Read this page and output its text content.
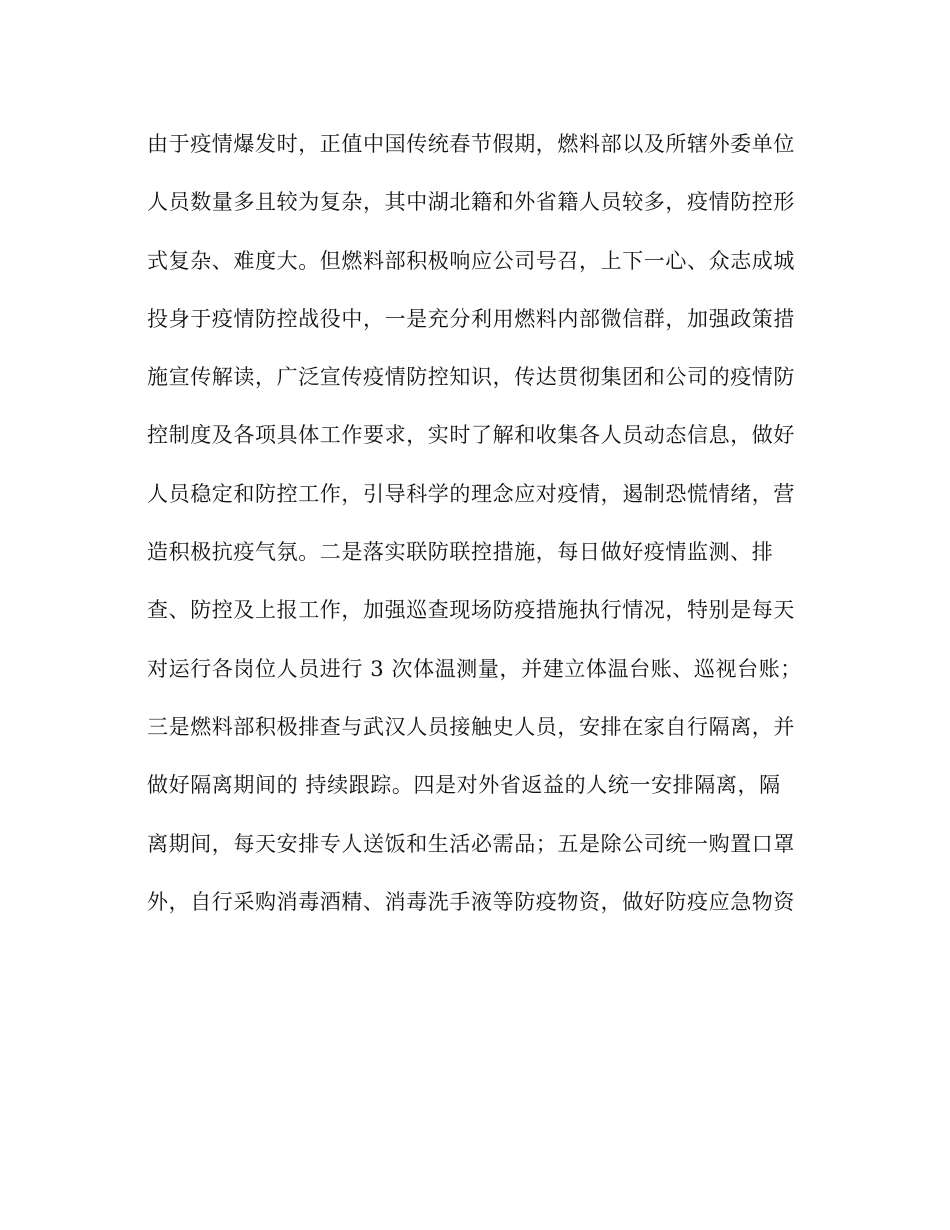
由于疫情爆发时，正值中国传统春节假期，燃料部以及所辖外委单位
人员数量多且较为复杂，其中湖北籍和外省籍人员较多，疫情防控形
式复杂、难度大。但燃料部积极响应公司号召，上下一心、众志成城
投身于疫情防控战役中，一是充分利用燃料内部微信群，加强政策措
施宣传解读，广泛宣传疫情防控知识，传达贯彻集团和公司的疫情防
控制度及各项具体工作要求，实时了解和收集各人员动态信息，做好
人员稳定和防控工作，引导科学的理念应对疫情，遏制恐慌情绪，营
造积极抗疫气氛。二是落实联防联控措施，每日做好疫情监测、排
查、防控及上报工作，加强巡查现场防疫措施执行情况，特别是每天
对运行各岗位人员进行 3 次体温测量，并建立体温台账、巡视台账；
三是燃料部积极排查与武汉人员接触史人员，安排在家自行隔离，并
做好隔离期间的 持续跟踪。四是对外省返益的人统一安排隔离，隔
离期间，每天安排专人送饭和生活必需品；五是除公司统一购置口罩
外，自行采购消毒酒精、消毒洗手液等防疫物资，做好防疫应急物资
